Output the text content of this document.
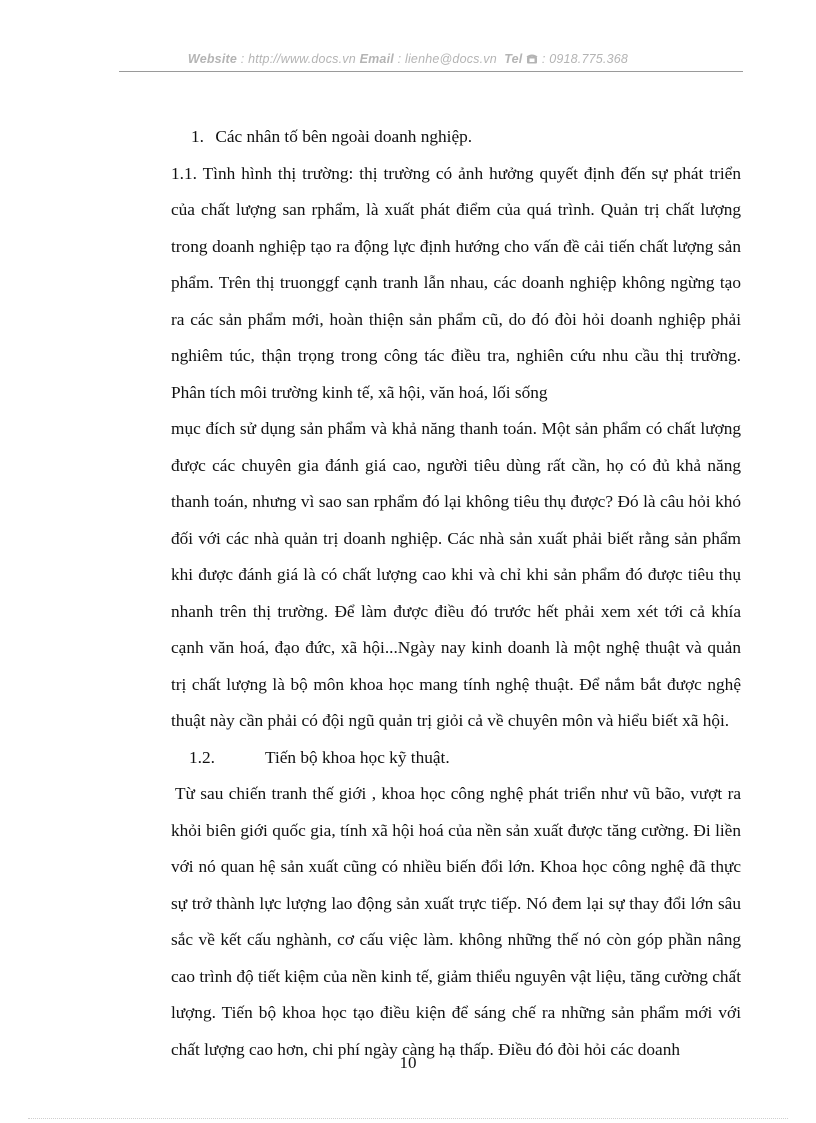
Website : http://www.docs.vn Email : lienhe@docs.vn Tel : 0918.775.368

1. Các nhân tố bên ngoài doanh nghiệp.

1.1. Tình hình thị trường: thị trường có ảnh hưởng quyết định đến sự phát triển của chất lượng san rphẩm, là xuất phát điểm của quá trình. Quản trị chất lượng trong doanh nghiệp tạo ra động lực định hướng cho vấn đề cải tiến chất lượng sản phẩm. Trên thị truonggf cạnh tranh lẫn nhau, các doanh nghiệp không ngừng tạo ra các sản phẩm mới, hoàn thiện sản phẩm cũ, do đó đòi hỏi doanh nghiệp phải nghiêm túc, thận trọng trong công tác điều tra, nghiên cứu nhu cầu thị trường. Phân tích môi trường kinh tế, xã hội, văn hoá, lối sống

mục đích sử dụng sản phẩm và khả năng thanh toán. Một sản phẩm có chất lượng được các chuyên gia đánh giá cao, người tiêu dùng rất cần, họ có đủ khả năng thanh toán, nhưng vì sao san rphẩm đó lại không tiêu thụ được? Đó là câu hỏi khó đối với các nhà quản trị doanh nghiệp. Các nhà sản xuất phải biết rằng sản phẩm khi được đánh giá là có chất lượng cao khi và chỉ khi sản phẩm đó được tiêu thụ nhanh trên thị trường. Để làm được điều đó trước hết phải xem xét tới cả khía cạnh văn hoá, đạo đức, xã hội...Ngày nay kinh doanh là một nghệ thuật và quản trị chất lượng là bộ môn khoa học mang tính nghệ thuật. Để nắm bắt được nghệ thuật này cần phải có đội ngũ quản trị giỏi cả về chuyên môn và hiểu biết xã hội.

1.2.	Tiến bộ khoa học kỹ thuật.

Từ sau chiến tranh thế giới , khoa học công nghệ phát triển như vũ bão, vượt ra khỏi biên giới quốc gia, tính xã hội hoá của nền sản xuất được tăng cường. Đi liền với nó quan hệ sản xuất cũng có nhiều biến đổi lớn. Khoa học công nghệ đã thực sự trở thành lực lượng lao động sản xuất trực tiếp. Nó đem lại sự thay đổi lớn sâu sắc về kết cấu nghành, cơ cấu việc làm. không những thế nó còn góp phần nâng cao trình độ tiết kiệm của nền kinh tế, giảm thiểu nguyên vật liệu, tăng cường chất lượng. Tiến bộ khoa học tạo điều kiện để sáng chế ra những sản phẩm mới với chất lượng cao hơn, chi phí ngày càng hạ thấp. Điều đó đòi hỏi các doanh

10
